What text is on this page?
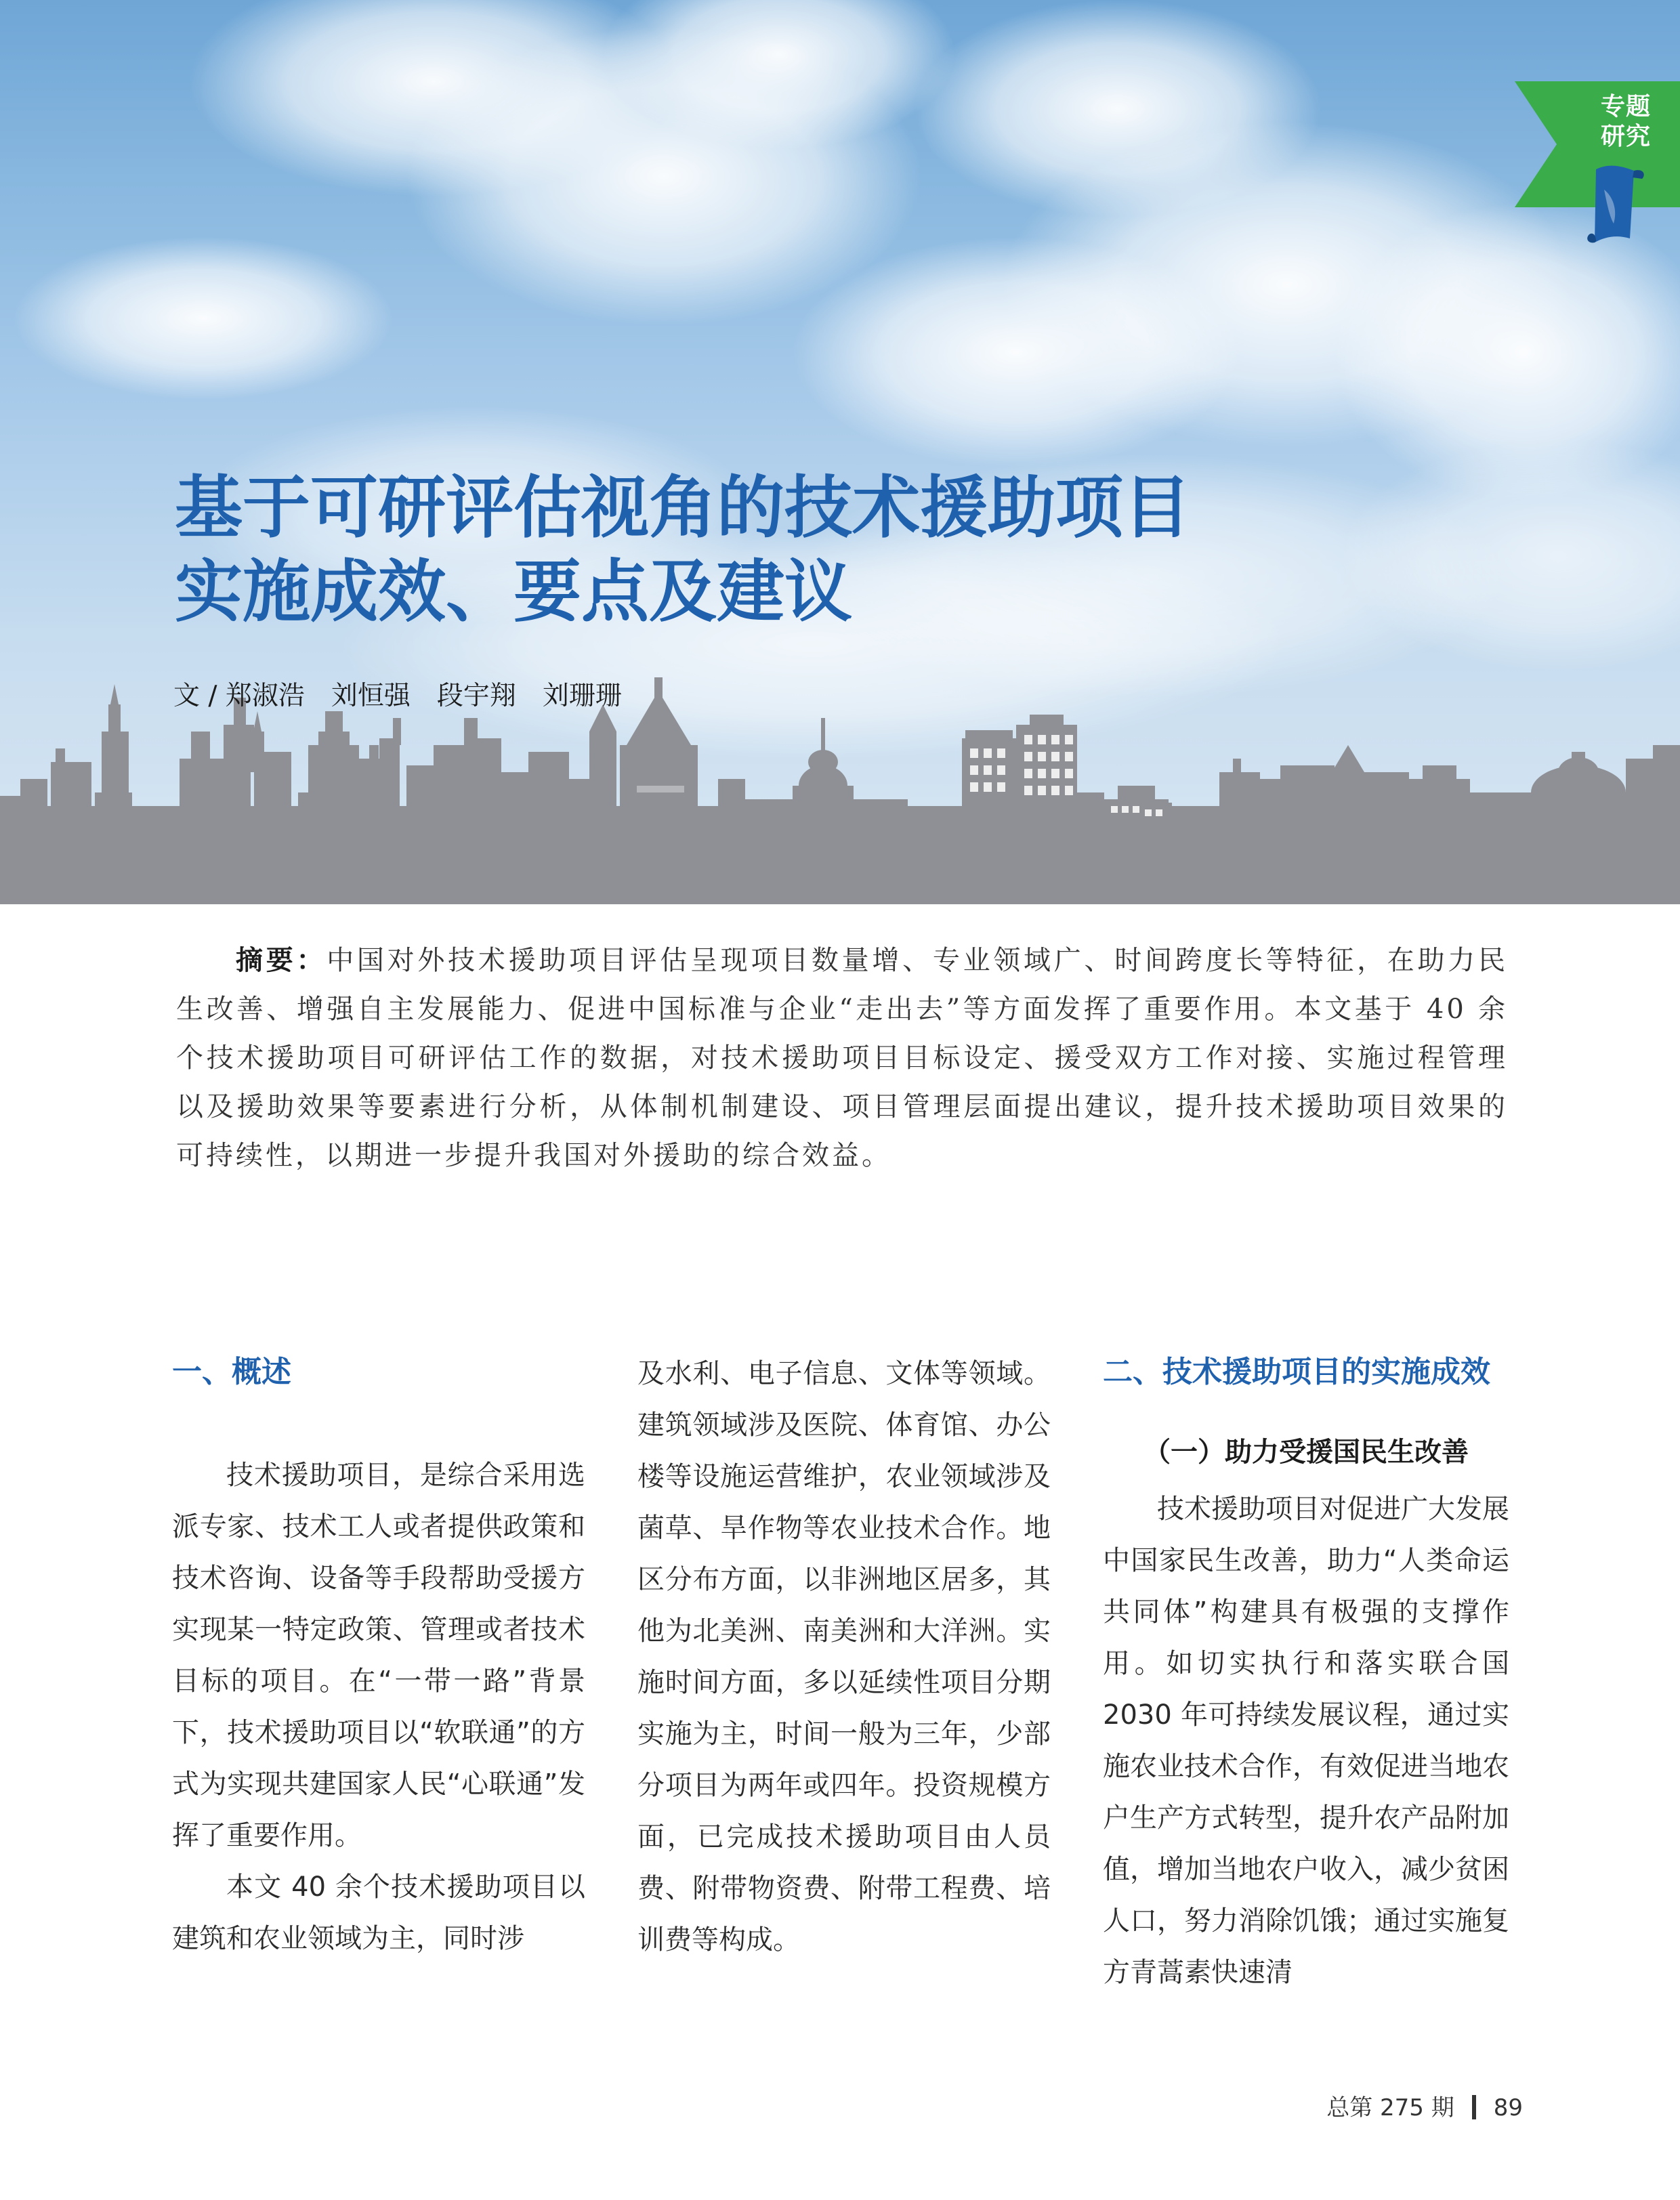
专题
研究
基于可研评估视角的技术援助项目
实施成效、要点及建议
文 / 郑淑浩　刘恒强　段宇翔　刘珊珊

摘要：中国对外技术援助项目评估呈现项目数量增、专业领域广、时间跨度长等特征，在助力民生改善、增强自主发展能力、促进中国标准与企业“走出去”等方面发挥了重要作用。本文基于 40 余个技术援助项目可研评估工作的数据，对技术援助项目目标设定、援受双方工作对接、实施过程管理以及援助效果等要素进行分析，从体制机制建设、项目管理层面提出建议，提升技术援助项目效果的可持续性，以期进一步提升我国对外援助的综合效益。

一、概述

技术援助项目，是综合采用选派专家、技术工人或者提供政策和技术咨询、设备等手段帮助受援方实现某一特定政策、管理或者技术目标的项目。在“一带一路”背景下，技术援助项目以“软联通”的方式为实现共建国家人民“心联通”发挥了重要作用。

本文 40 余个技术援助项目以建筑和农业领域为主，同时涉

及水利、电子信息、文体等领域。建筑领域涉及医院、体育馆、办公楼等设施运营维护，农业领域涉及菌草、旱作物等农业技术合作。地区分布方面，以非洲地区居多，其他为北美洲、南美洲和大洋洲。实施时间方面，多以延续性项目分期实施为主，时间一般为三年，少部分项目为两年或四年。投资规模方面，已完成技术援助项目由人员费、附带物资费、附带工程费、培训费等构成。

二、技术援助项目的实施成效
（一）助力受援国民生改善

技术援助项目对促进广大发展中国家民生改善，助力“人类命运共同体”构建具有极强的支撑作用。如切实执行和落实联合国 2030 年可持续发展议程，通过实施农业技术合作，有效促进当地农户生产方式转型，提升农产品附加值，增加当地农户收入，减少贫困人口，努力消除饥饿；通过实施复方青蒿素快速清

总第 275 期 89
